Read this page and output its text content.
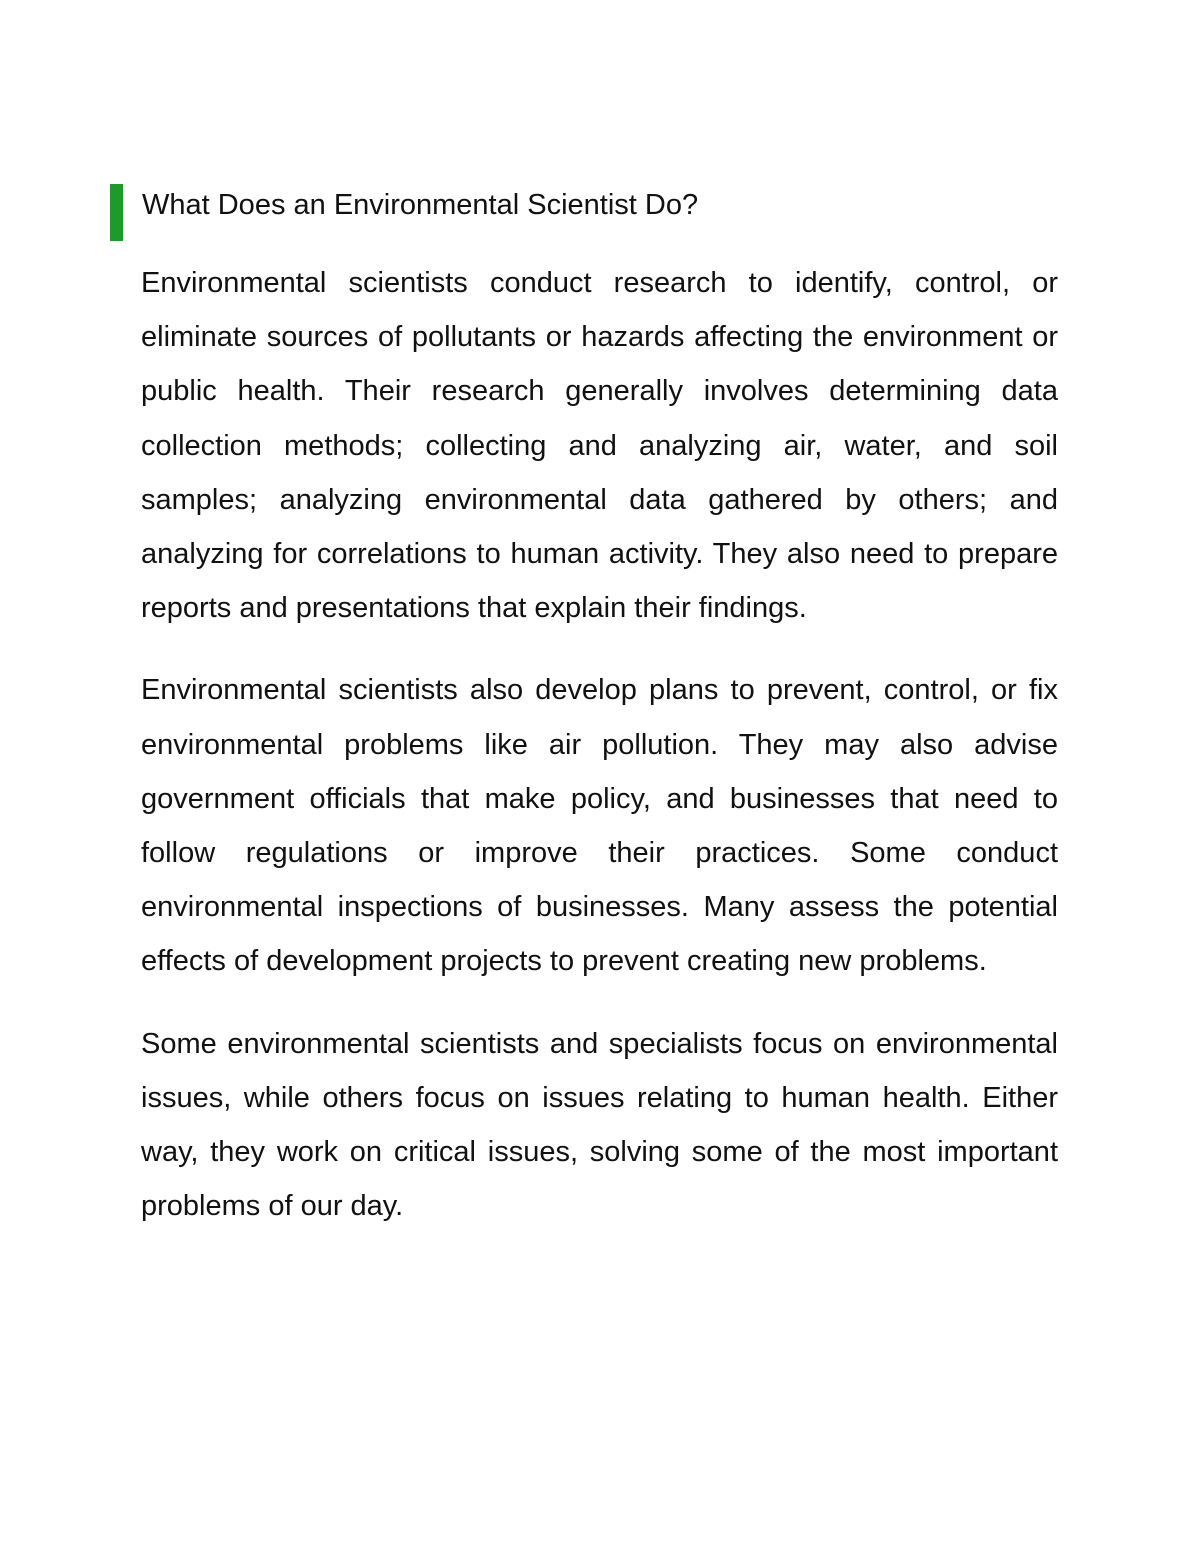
What Does an Environmental Scientist Do?

Environmental scientists conduct research to identify, control, or eliminate sources of pollutants or hazards affecting the environment or public health. Their research generally involves determining data collection methods; collecting and analyzing air, water, and soil samples; analyzing environmental data gathered by others; and analyzing for correlations to human activity. They also need to prepare reports and presentations that explain their findings.

Environmental scientists also develop plans to prevent, control, or fix environmental problems like air pollution. They may also advise government officials that make policy, and businesses that need to follow regulations or improve their practices. Some conduct environmental inspections of businesses. Many assess the potential effects of development projects to prevent creating new problems.

Some environmental scientists and specialists focus on environmental issues, while others focus on issues relating to human health. Either way, they work on critical issues, solving some of the most important problems of our day.
